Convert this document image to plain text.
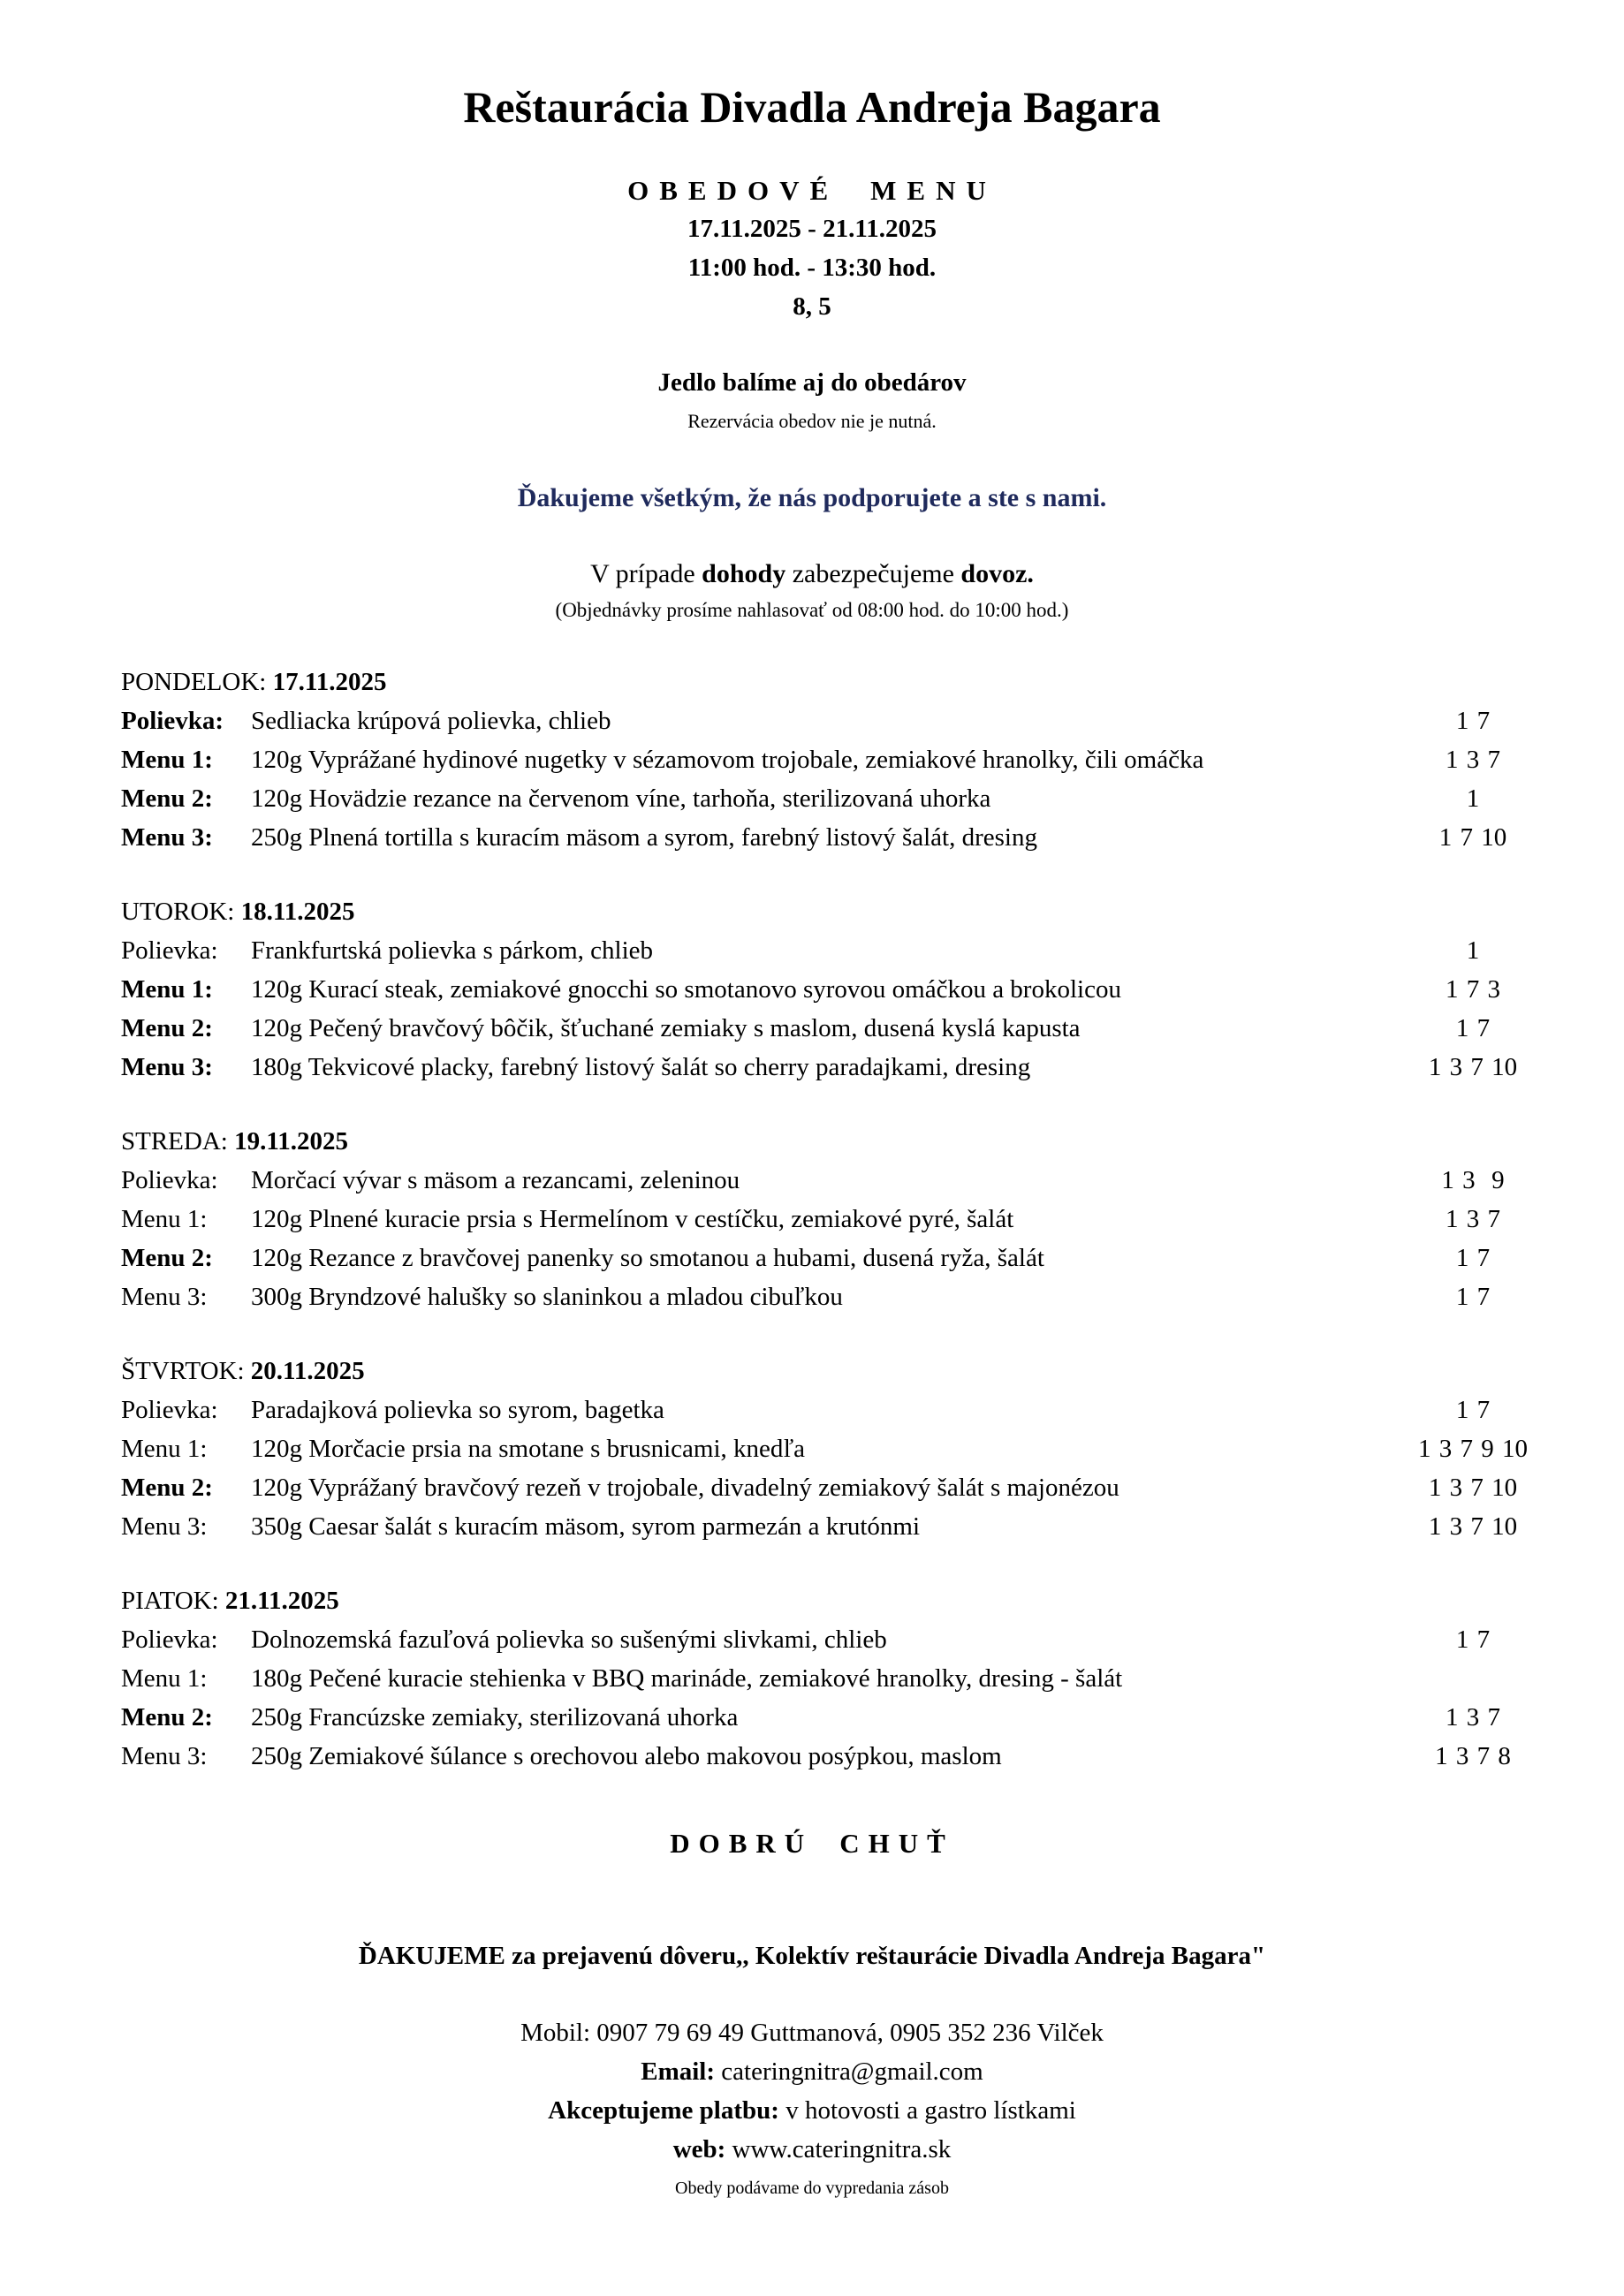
Reštaurácia Divadla Andreja Bagara
OBEDOVÉ MENU
17.11.2025 - 21.11.2025
11:00 hod. - 13:30 hod.
8, 5
Jedlo balíme aj do obedárov
Rezervácia obedov nie je nutná.
Ďakujeme všetkým, že nás podporujete a ste s nami.
V prípade dohody zabezpečujeme dovoz.
(Objednávky prosíme nahlasovať od 08:00 hod. do 10:00 hod.)
PONDELOK: 17.11.2025
Polievka: Sedliacka krúpová polievka, chlieb	1 7
Menu 1: 120g Vyprážané hydinové nugetky v sézamovom trojobale, zemiakové hranolky, čili omáčka	1 3 7
Menu 2: 120g Hovädzie rezance na červenom víne, tarhoňa, sterilizovaná uhorka	1
Menu 3: 250g Plnená tortilla s kuracím mäsom a syrom, farebný listový šalát, dresing	1 7 10
UTOROK: 18.11.2025
Polievka: Frankfurtská polievka s párkom, chlieb	1
Menu 1: 120g Kurací steak, zemiakové gnocchi so smotanovo syrovou omáčkou a brokolicou	1 7 3
Menu 2: 120g Pečený bravčový bôčik, šťuchané zemiaky s maslom, dusená kyslá kapusta	1 7
Menu 3: 180g Tekvicové placky, farebný listový šalát so cherry paradajkami, dresing	1 3 7 10
STREDA: 19.11.2025
Polievka: Morčací vývar s mäsom a rezancami, zeleninou	1 3  9
Menu 1: 120g Plnené kuracie prsia s Hermelínom v cestíčku, zemiakové pyré, šalát	1 3 7
Menu 2: 120g Rezance z bravčovej panenky so smotanou a hubami, dusená ryža, šalát	1 7
Menu 3: 300g Bryndzové halušky so slaninkou a mladou cibuľkou	1 7
ŠTVRTOK: 20.11.2025
Polievka: Paradajková polievka so syrom, bagetka	1 7
Menu 1: 120g Morčacie prsia na smotane s brusnicami, knedľa	1 3 7 9 10
Menu 2: 120g Vyprážaný bravčový rezeň v trojobale, divadelný zemiakový šalát s majonézou	1 3 7 10
Menu 3: 350g Caesar šalát s kuracím mäsom, syrom parmezán a krutónmi	1 3 7 10
PIATOK: 21.11.2025
Polievka: Dolnozemská fazuľová polievka so sušenými slivkami, chlieb	1 7
Menu 1: 180g Pečené kuracie stehienka v BBQ marináde, zemiakové hranolky, dresing - šalát
Menu 2: 250g Francúzske zemiaky, sterilizovaná uhorka	1 3 7
Menu 3: 250g Zemiakové šúlance s orechovou alebo makovou posýpkou, maslom	1 3 7 8
DOBRÚ CHUŤ
ĎAKUJEME za prejavenú dôveru,, Kolektív reštaurácie Divadla Andreja Bagara"
Mobil: 0907 79 69 49 Guttmanová, 0905 352 236 Vilček
Email: cateringnitra@gmail.com
Akceptujeme platbu: v hotovosti a gastro lístkami
web: www.cateringnitra.sk
Obedy podávame do vypredania zásob
